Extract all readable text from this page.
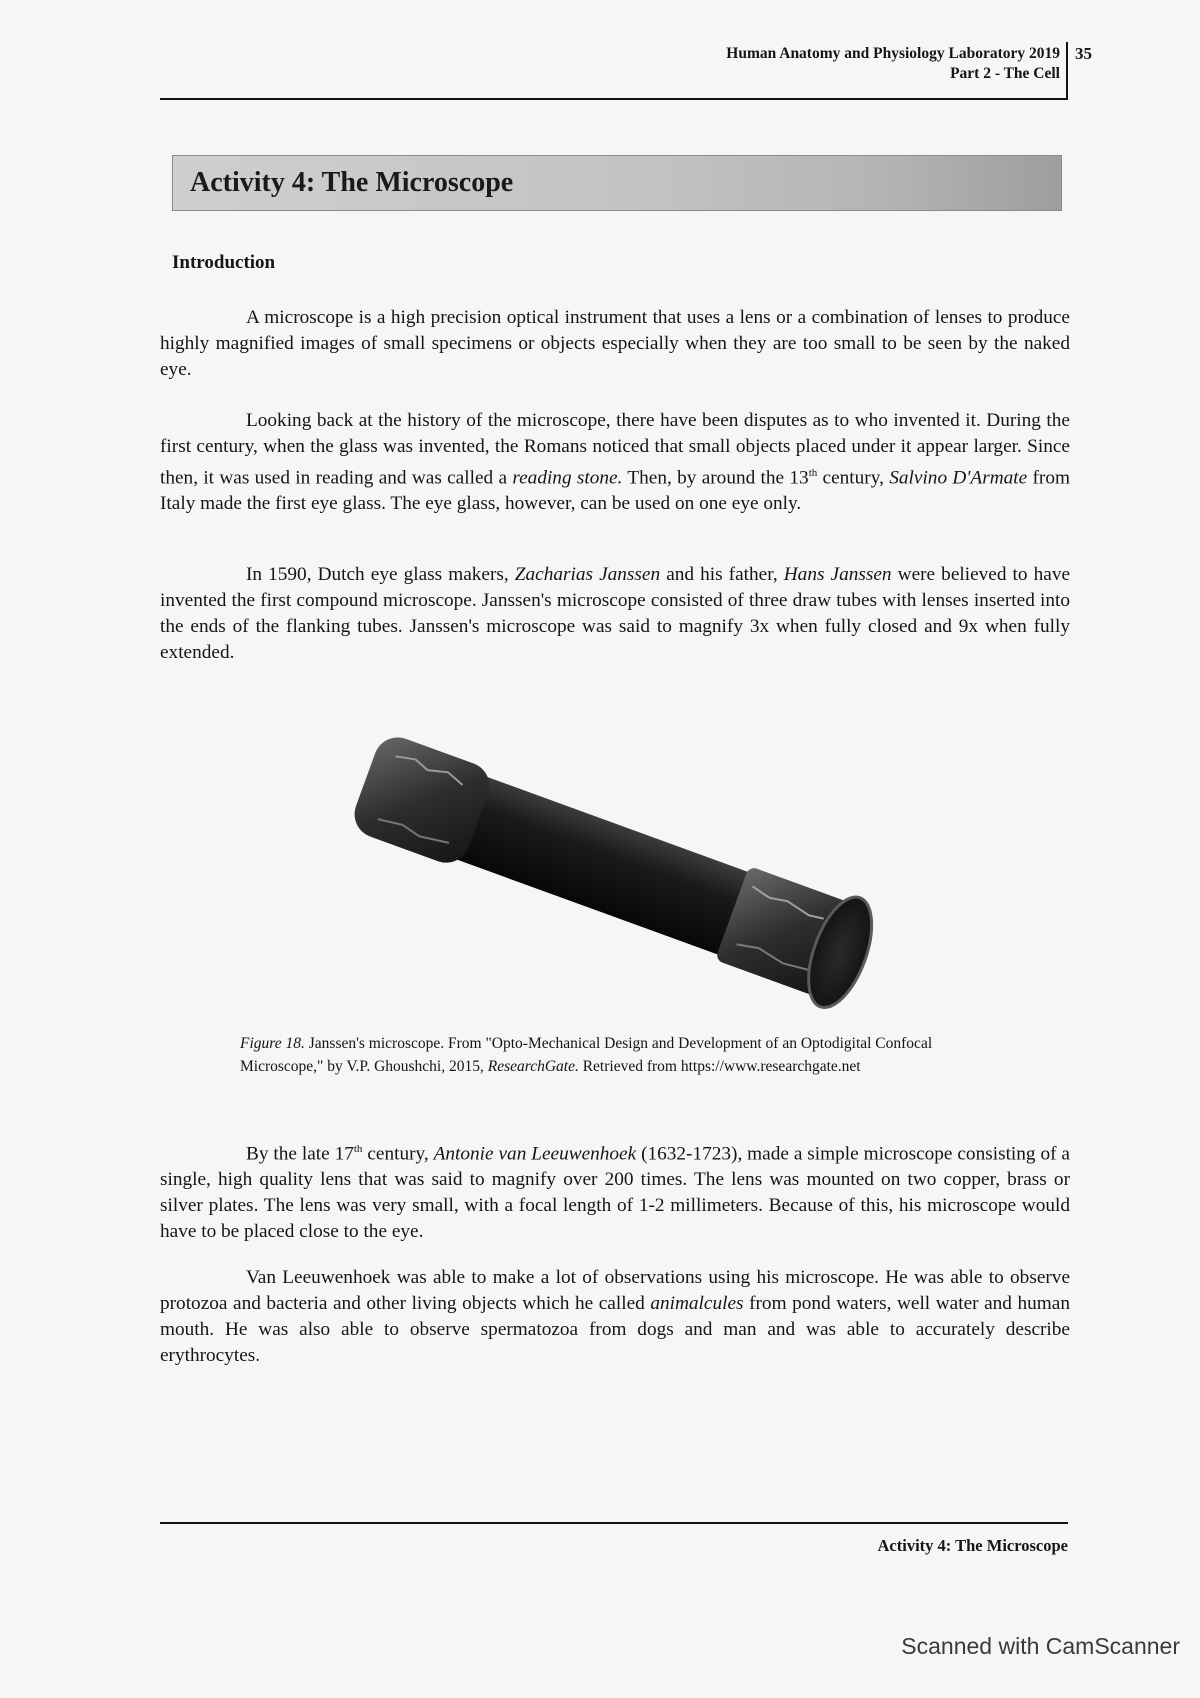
Human Anatomy and Physiology Laboratory 2019
Part 2 - The Cell
35
Activity 4: The Microscope
Introduction
A microscope is a high precision optical instrument that uses a lens or a combination of lenses to produce highly magnified images of small specimens or objects especially when they are too small to be seen by the naked eye.
Looking back at the history of the microscope, there have been disputes as to who invented it. During the first century, when the glass was invented, the Romans noticed that small objects placed under it appear larger. Since then, it was used in reading and was called a reading stone. Then, by around the 13th century, Salvino D'Armate from Italy made the first eye glass. The eye glass, however, can be used on one eye only.
In 1590, Dutch eye glass makers, Zacharias Janssen and his father, Hans Janssen were believed to have invented the first compound microscope. Janssen's microscope consisted of three draw tubes with lenses inserted into the ends of the flanking tubes. Janssen's microscope was said to magnify 3x when fully closed and 9x when fully extended.
Figure 18. Janssen's microscope. From "Opto-Mechanical Design and Development of an Optodigital Confocal Microscope," by V.P. Ghoushchi, 2015, ResearchGate. Retrieved from https://www.researchgate.net
By the late 17th century, Antonie van Leeuwenhoek (1632-1723), made a simple microscope consisting of a single, high quality lens that was said to magnify over 200 times. The lens was mounted on two copper, brass or silver plates. The lens was very small, with a focal length of 1-2 millimeters. Because of this, his microscope would have to be placed close to the eye.
Van Leeuwenhoek was able to make a lot of observations using his microscope. He was able to observe protozoa and bacteria and other living objects which he called animalcules from pond waters, well water and human mouth. He was also able to observe spermatozoa from dogs and man and was able to accurately describe erythrocytes.
Activity 4: The Microscope
Scanned with CamScanner
